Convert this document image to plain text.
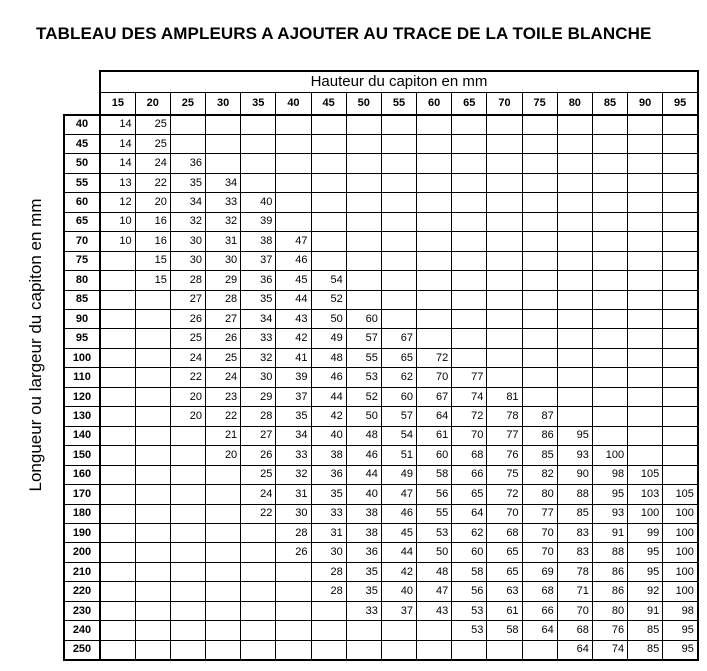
TABLEAU DES AMPLEURS A AJOUTER AU TRACE DE LA TOILE BLANCHE
Longueur ou largeur du capiton en mm
	Hauteur du capiton en mm																
	15	20	25	30	35	40	45	50	55	60	65	70	75	80	85	90	95
40	14	25															
45	14	25															
50	14	24	36														
55	13	22	35	34													
60	12	20	34	33	40												
65	10	16	32	32	39												
70	10	16	30	31	38	47											
75		15	30	30	37	46											
80		15	28	29	36	45	54										
85			27	28	35	44	52										
90			26	27	34	43	50	60									
95			25	26	33	42	49	57	67								
100			24	25	32	41	48	55	65	72							
110			22	24	30	39	46	53	62	70	77						
120			20	23	29	37	44	52	60	67	74	81					
130			20	22	28	35	42	50	57	64	72	78	87				
140				21	27	34	40	48	54	61	70	77	86	95			
150				20	26	33	38	46	51	60	68	76	85	93	100		
160					25	32	36	44	49	58	66	75	82	90	98	105	
170					24	31	35	40	47	56	65	72	80	88	95	103	105
180					22	30	33	38	46	55	64	70	77	85	93	100	100
190						28	31	38	45	53	62	68	70	83	91	99	100
200						26	30	36	44	50	60	65	70	83	88	95	100
210							28	35	42	48	58	65	69	78	86	95	100
220							28	35	40	47	56	63	68	71	86	92	100
230								33	37	43	53	61	66	70	80	91	98
240											53	58	64	68	76	85	95
250														64	74	85	95
